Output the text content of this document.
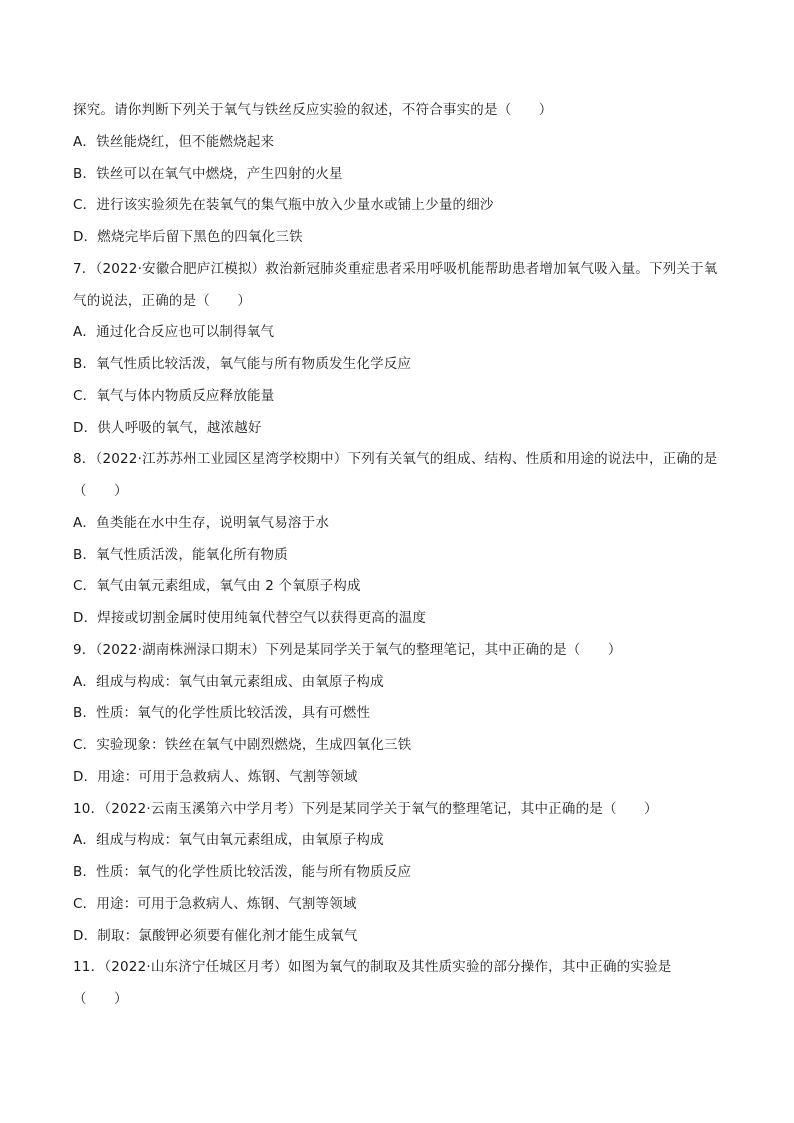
探究。请你判断下列关于氧气与铁丝反应实验的叙述，不符合事实的是（　　）
A．铁丝能烧红，但不能燃烧起来
B．铁丝可以在氧气中燃烧，产生四射的火星
C．进行该实验须先在装氧气的集气瓶中放入少量水或铺上少量的细沙
D．燃烧完毕后留下黑色的四氧化三铁
7．（2022·安徽合肥庐江模拟）救治新冠肺炎重症患者采用呼吸机能帮助患者增加氧气吸入量。下列关于氧
气的说法，正确的是（　　）
A．通过化合反应也可以制得氧气
B．氧气性质比较活泼，氧气能与所有物质发生化学反应
C．氧气与体内物质反应释放能量
D．供人呼吸的氧气，越浓越好
8．（2022·江苏苏州工业园区星湾学校期中）下列有关氧气的组成、结构、性质和用途的说法中，正确的是
（　　）
A．鱼类能在水中生存，说明氧气易溶于水
B．氧气性质活泼，能氧化所有物质
C．氧气由氧元素组成，氧气由 2 个氧原子构成
D．焊接或切割金属时使用纯氧代替空气以获得更高的温度
9．（2022·湖南株洲渌口期末）下列是某同学关于氧气的整理笔记，其中正确的是（　　）
A．组成与构成：氧气由氧元素组成、由氧原子构成
B．性质：氧气的化学性质比较活泼，具有可燃性
C．实验现象：铁丝在氧气中剧烈燃烧，生成四氧化三铁
D．用途：可用于急救病人、炼钢、气割等领域
10．（2022·云南玉溪第六中学月考）下列是某同学关于氧气的整理笔记，其中正确的是（　　）
A．组成与构成：氧气由氧元素组成，由氧原子构成
B．性质：氧气的化学性质比较活泼，能与所有物质反应
C．用途：可用于急救病人、炼钢、气割等领域
D．制取：氯酸钾必须要有催化剂才能生成氧气
11．（2022·山东济宁任城区月考）如图为氧气的制取及其性质实验的部分操作，其中正确的实验是
（　　）
